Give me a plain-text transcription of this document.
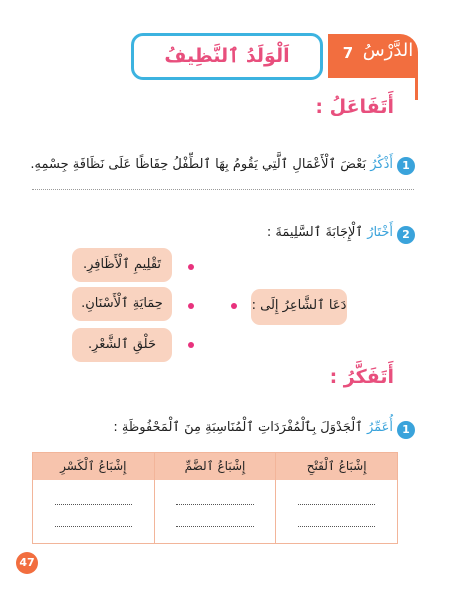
7 الدَّرْسُ
اَلْوَلَدُ ٱلنَّظِيفُ
أَتَفَاعَلُ :
1
أَذْكُرُ بَعْضَ ٱلْأَعْمَالِ ٱلَّتِي يَقُومُ بِهَا ٱلطِّفْلُ حِفَاظًا عَلَى نَظَافَةِ جِسْمِهِ.
2
أَخْتَارُ ٱلْإِجَابَةَ ٱلسَّلِيمَةَ :
دَعَا ٱلشَّاعِرُ إِلَى :
تَقْلِيمِ ٱلْأَظَافِرِ.
حِمَايَةِ ٱلْأَسْنَانِ.
حَلْقِ ٱلشَّعْرِ.
أَتَفَكَّرُ :
1
أُعَمِّرُ ٱلْجَدْوَلَ بِٱلْمُفْرَدَاتِ ٱلْمُنَاسِبَةِ مِنَ ٱلْمَحْفُوظَةِ :
إِشْبَاعُ ٱلْفَتْحِ
إِشْبَاعُ ٱلضَّمِّ
إِشْبَاعُ ٱلْكَسْرِ
47
